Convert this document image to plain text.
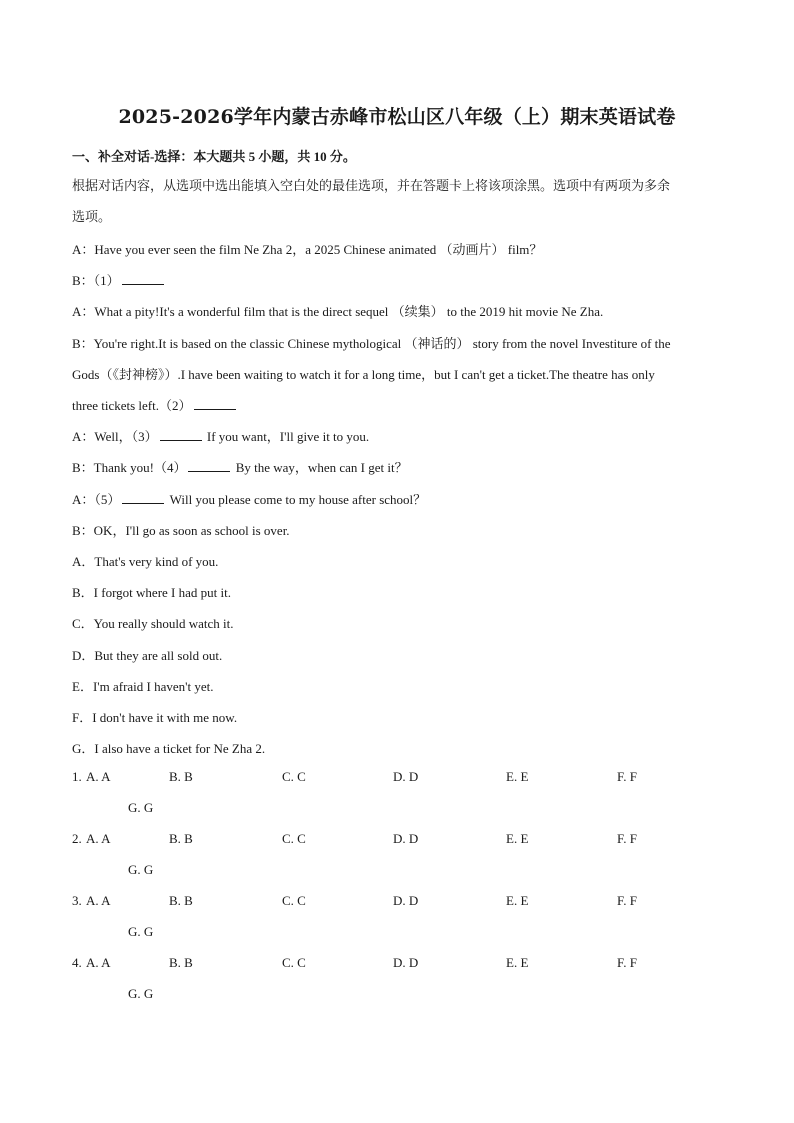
2025-2026学年内蒙古赤峰市松山区八年级（上）期末英语试卷
一、补全对话-选择：本大题共 5 小题，共 10 分。
根据对话内容，从选项中选出能填入空白处的最佳选项，并在答题卡上将该项涂黑。选项中有两项为多余
选项。
A：Have you ever seen the film Ne Zha 2，a 2025 Chinese animated （动画片） film？
B：（1）
A：What a pity!It's a wonderful film that is the direct sequel （续集） to the 2019 hit movie Ne Zha.
B：You're right.It is based on the classic Chinese mythological （神话的） story from the novel Investiture of the
Gods（《封神榜》）.I have been waiting to watch it for a long time，but I can't get a ticket.The theatre has only
three tickets left.（2）
A：Well，（3）	If you want，I'll give it to you.
B：Thank you!（4）	By the way，when can I get it？
A：（5）	Will you please come to my house after school？
B：OK，I'll go as soon as school is over.
A．That's very kind of you.
B．I forgot where I had put it.
C．You really should watch it.
D．But they are all sold out.
E．I'm afraid I haven't yet.
F．I don't have it with me now.
G．I also have a ticket for Ne Zha 2.
1. A. A	B. B	C. C	D. D	E. E	F. F
G. G
2. A. A	B. B	C. C	D. D	E. E	F. F
G. G
3. A. A	B. B	C. C	D. D	E. E	F. F
G. G
4. A. A	B. B	C. C	D. D	E. E	F. F
G. G
